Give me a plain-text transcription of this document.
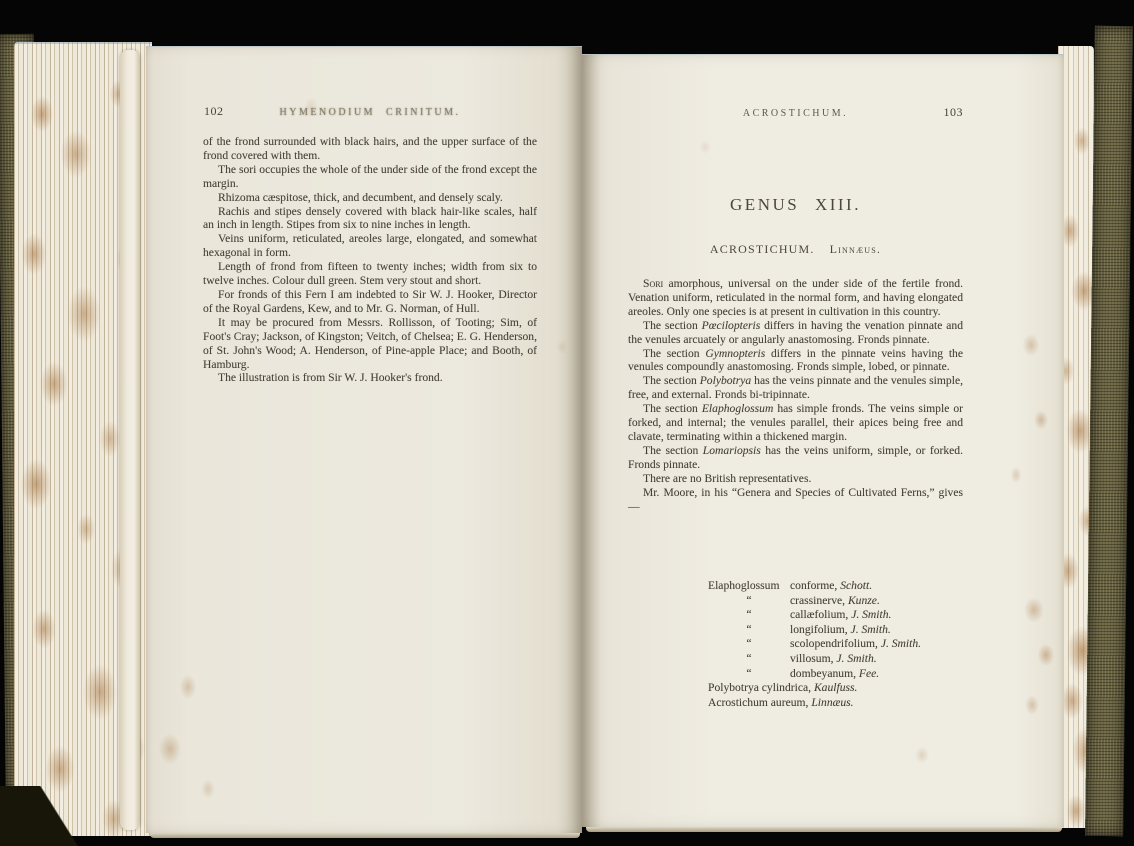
102	HYMENODIUM CRINITUM.

of the frond surrounded with black hairs, and the upper surface of the frond covered with them.

The sori occupies the whole of the under side of the frond except the margin.

Rhizoma cæspitose, thick, and decumbent, and densely scaly.

Rachis and stipes densely covered with black hair-like scales, half an inch in length. Stipes from six to nine inches in length.

Veins uniform, reticulated, areoles large, elongated, and somewhat hexagonal in form.

Length of frond from fifteen to twenty inches; width from six to twelve inches. Colour dull green. Stem very stout and short.

For fronds of this Fern I am indebted to Sir W. J. Hooker, Director of the Royal Gardens, Kew, and to Mr. G. Norman, of Hull.

It may be procured from Messrs. Rollisson, of Tooting; Sim, of Foot's Cray; Jackson, of Kingston; Veitch, of Chelsea; E. G. Henderson, of St. John's Wood; A. Henderson, of Pine-apple Place; and Booth, of Hamburg.

The illustration is from Sir W. J. Hooker's frond.

ACROSTICHUM.	103
GENUS XIII.
ACROSTICHUM. Linnæus.

Sori amorphous, universal on the under side of the fertile frond. Venation uniform, reticulated in the normal form, and having elongated areoles. Only one species is at present in cultivation in this country.

The section Pœcilopteris differs in having the venation pinnate and the venules arcuately or angularly anastomosing. Fronds pinnate.

The section Gymnopteris differs in the pinnate veins having the venules compoundly anastomosing. Fronds simple, lobed, or pinnate.

The section Polybotrya has the veins pinnate and the venules simple, free, and external. Fronds bi-tripinnate.

The section Elaphoglossum has simple fronds. The veins simple or forked, and internal; the venules parallel, their apices being free and clavate, terminating within a thickened margin.

The section Lomariopsis has the veins uniform, simple, or forked. Fronds pinnate.

There are no British representatives.

Mr. Moore, in his “Genera and Species of Cultivated Ferns,” gives—

Elaphoglossum conforme, Schott.
“	crassinerve, Kunze.
“	callæfolium, J. Smith.
“	longifolium, J. Smith.
“	scolopendrifolium, J. Smith.
“	villosum, J. Smith.
“	dombeyanum, Fee.
Polybotrya cylindrica, Kaulfuss.
Acrostichum aureum, Linnæus.
